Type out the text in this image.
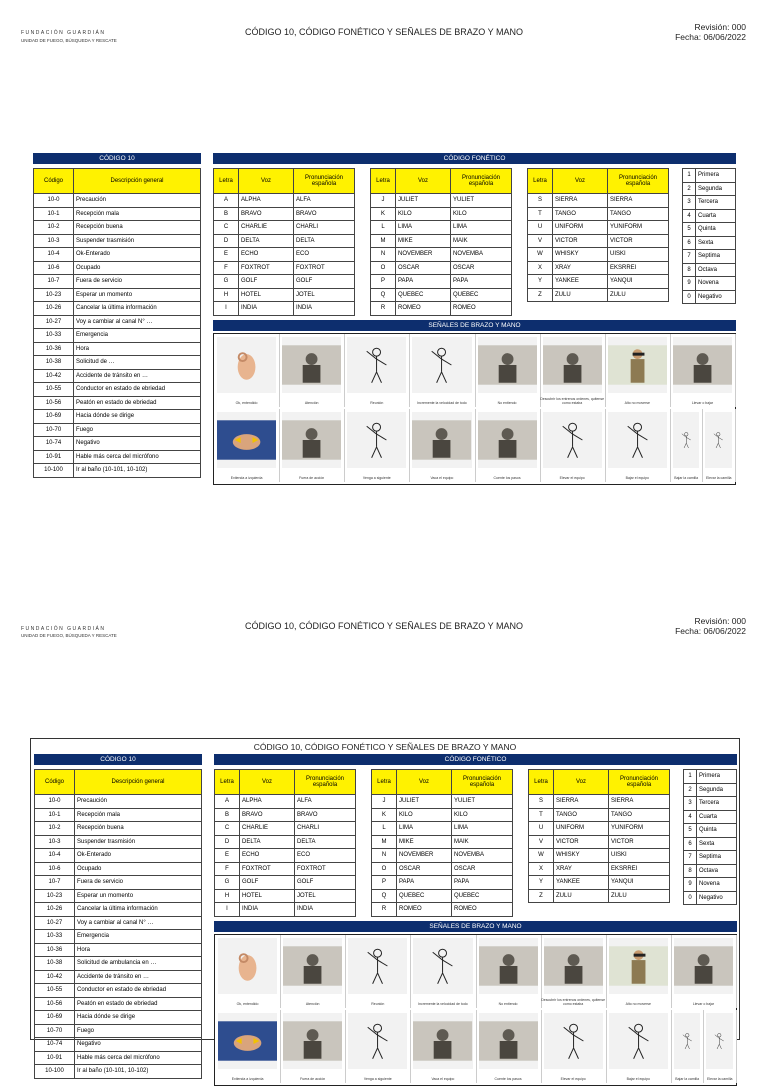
FUNDACIÓN GUARDIÁN
UNIDAD DE FUEGO, BÚSQUEDA Y RESCATE
CÓDIGO 10, CÓDIGO FONÉTICO Y SEÑALES DE BRAZO Y MANO	Revisión: 000
Fecha: 06/06/2022
CÓDIGO 10
Código	Descripción general
10-0	Precaución
10-1	Recepción mala
10-2	Recepción buena
10-3	Suspender trasmisión
10-4	Ok-Enterado
10-6	Ocupado
10-7	Fuera de servicio
10-23	Esperar un momento
10-26	Cancelar la última información
10-27	Voy a cambiar al canal N° …
10-33	Emergencia
10-36	Hora
10-38	Solicitud de …
10-42	Accidente de tránsito en …
10-55	Conductor en estado de ebriedad
10-56	Peatón en estado de ebriedad
10-69	Hacia dónde se dirige
10-70	Fuego
10-74	Negativo
10-91	Hable más cerca del micrófono
10-100	Ir al baño (10-101, 10-102)
CÓDIGO FONÉTICO
Letra	Voz	Pronunciación española
A	ALPHA	ALFA
B	BRAVO	BRAVO
C	CHARLIE	CHARLI
D	DELTA	DELTA
E	ECHO	ECO
F	FOXTROT	FOXTROT
G	GOLF	GOLF
H	HOTEL	JOTEL
I	INDIA	INDIA
Letra	Voz	Pronunciación española
J	JULIET	YULIET
K	KILO	KILO
L	LIMA	LIMA
M	MIKE	MAIK
N	NOVEMBER	NOVEMBA
O	OSCAR	OSCAR
P	PAPA	PAPA
Q	QUEBEC	QUEBEC
R	ROMEO	ROMEO
Letra	Voz	Pronunciación española
S	SIERRA	SIERRA
T	TANGO	TANGO
U	UNIFORM	YUNIFORM
V	VICTOR	VICTOR
W	WHISKY	UISKI
X	XRAY	EKSRREI
Y	YANKEE	YANQUI
Z	ZULU	ZULU
1	Primera
2	Segunda
3	Tercera
4	Cuarta
5	Quinta
6	Sexta
7	Septima
8	Octava
9	Novena
0	Negativo
SEÑALES DE BRAZO Y MANO
Ok, entendido	Atención	Reunión	Incremente la velocidad de todo	No entiendo
Descubrir los entrenos ordenes, quitense como estaba	Alto no moverse	Llevar o bajar
Extienda a izquierda	Fuera de acción	Venga a siguiente	Vaca el equipo	Cuente los pasos	Elevar el equipo	Bajar el equipo	Bajar la camilla	Elevar la camilla
FUNDACIÓN GUARDIÁN
UNIDAD DE FUEGO, BÚSQUEDA Y RESCATE
CÓDIGO 10, CÓDIGO FONÉTICO Y SEÑALES DE BRAZO Y MANO	Revisión: 000
Fecha: 06/06/2022
CÓDIGO 10, CÓDIGO FONÉTICO Y SEÑALES DE BRAZO Y MANO
CÓDIGO 10
Código	Descripción general
10-0	Precaución
10-1	Recepción mala
10-2	Recepción buena
10-3	Suspender trasmisión
10-4	Ok-Enterado
10-6	Ocupado
10-7	Fuera de servicio
10-23	Esperar un momento
10-26	Cancelar la última información
10-27	Voy a cambiar al canal N° …
10-33	Emergencia
10-36	Hora
10-38	Solicitud de ambulancia en …
10-42	Accidente de tránsito en …
10-55	Conductor en estado de ebriedad
10-56	Peatón en estado de ebriedad
10-69	Hacia dónde se dirige
10-70	Fuego
10-74	Negativo
10-91	Hable más cerca del micrófono
10-100	Ir al baño (10-101, 10-102)
CÓDIGO FONÉTICO
Letra	Voz	Pronunciación española
A	ALPHA	ALFA
B	BRAVO	BRAVO
C	CHARLIE	CHARLI
D	DELTA	DELTA
E	ECHO	ECO
F	FOXTROT	FOXTROT
G	GOLF	GOLF
H	HOTEL	JOTEL
I	INDIA	INDIA
Letra	Voz	Pronunciación española
J	JULIET	YULIET
K	KILO	KILO
L	LIMA	LIMA
M	MIKE	MAIK
N	NOVEMBER	NOVEMBA
O	OSCAR	OSCAR
P	PAPA	PAPA
Q	QUEBEC	QUEBEC
R	ROMEO	ROMEO
Letra	Voz	Pronunciación española
S	SIERRA	SIERRA
T	TANGO	TANGO
U	UNIFORM	YUNIFORM
V	VICTOR	VICTOR
W	WHISKY	UISKI
X	XRAY	EKSRREI
Y	YANKEE	YANQUI
Z	ZULU	ZULU
1	Primera
2	Segunda
3	Tercera
4	Cuarta
5	Quinta
6	Sexta
7	Septima
8	Octava
9	Novena
0	Negativo
SEÑALES DE BRAZO Y MANO
Ok, entendido	Atención	Reunión	Incremente la velocidad de todo	No entiendo
Descubrir los entrenos ordenes, quitense como estaba	Alto no moverse	Llevar o bajar
Extienda a izquierda	Fuera de acción	Venga a siguiente	Vaca el equipo	Cuente los pasos	Elevar el equipo	Bajar el equipo	Bajar la camilla	Elevar la camilla
